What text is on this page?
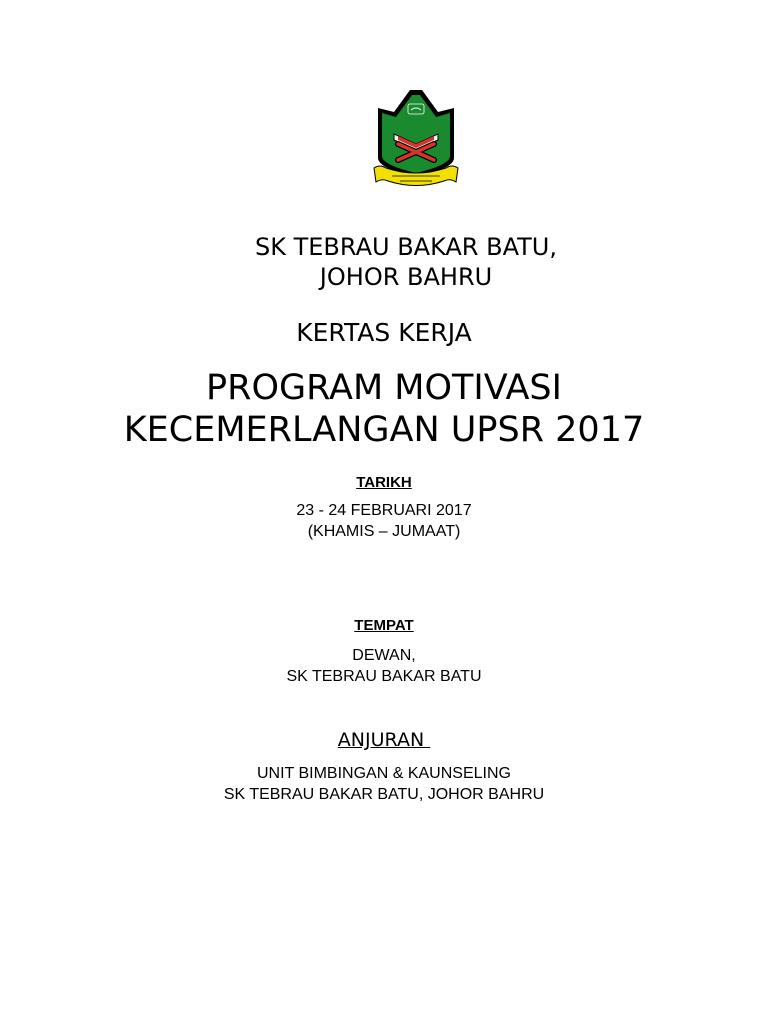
SK TEBRAU BAKAR BATU,
JOHOR BAHRU
KERTAS KERJA
PROGRAM MOTIVASI
KECEMERLANGAN UPSR 2017
TARIKH
23 - 24 FEBRUARI 2017
(KHAMIS – JUMAAT)
TEMPAT
DEWAN,
SK TEBRAU BAKAR BATU
ANJURAN
UNIT BIMBINGAN & KAUNSELING
SK TEBRAU BAKAR BATU, JOHOR BAHRU
